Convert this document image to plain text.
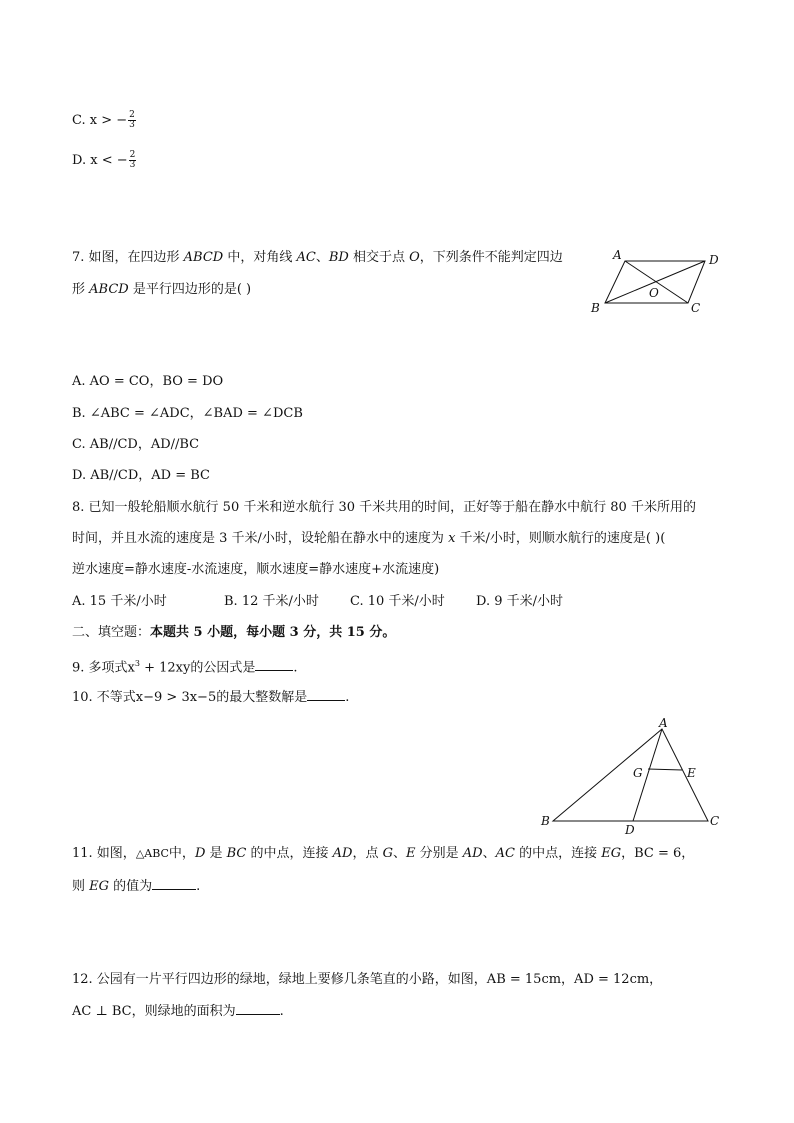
C. x > − $\frac{2}{3}$
D. x < − $\frac{2}{3}$
7. 如图，在四边形 ABCD 中，对角线 AC、BD 相交于点 O，下列条件不能判定四边
形 ABCD 是平行四边形的是( )
A	D
B	C
O
A. AO = CO，BO = DO
B. ∠ABC = ∠ADC，∠BAD = ∠DCB
C. AB//CD，AD//BC
D. AB//CD，AD = BC
8. 已知一般轮船顺水航行 50 千米和逆水航行 30 千米共用的时间，正好等于船在静水中航行 80 千米所用的
时间，并且水流的速度是 3 千米/小时，设轮船在静水中的速度为 x 千米/小时，则顺水航行的速度是( )(
逆水速度=静水速度-水流速度，顺水速度=静水速度+水流速度)
A. 15 千米/小时	B. 12 千米/小时 C. 10 千米/小时 D. 9 千米/小时
二、填空题：本题共 5 小题，每小题 3 分，共 15 分。
9. 多项式$x^3 + 12xy$的公因式是	.
10. 不等式x−9 > 3x−5的最大整数解是	.
A
B	C
D
E
G
11. 如图，△ABC中，D 是 BC 的中点，连接 AD，点 G、E 分别是 AD、AC 的中点，连接 EG，BC = 6，
则 EG 的值为	.
12. 公园有一片平行四边形的绿地，绿地上要修几条笔直的小路，如图，AB = 15cm，AD = 12cm，
AC ⊥ BC，则绿地的面积为	.
